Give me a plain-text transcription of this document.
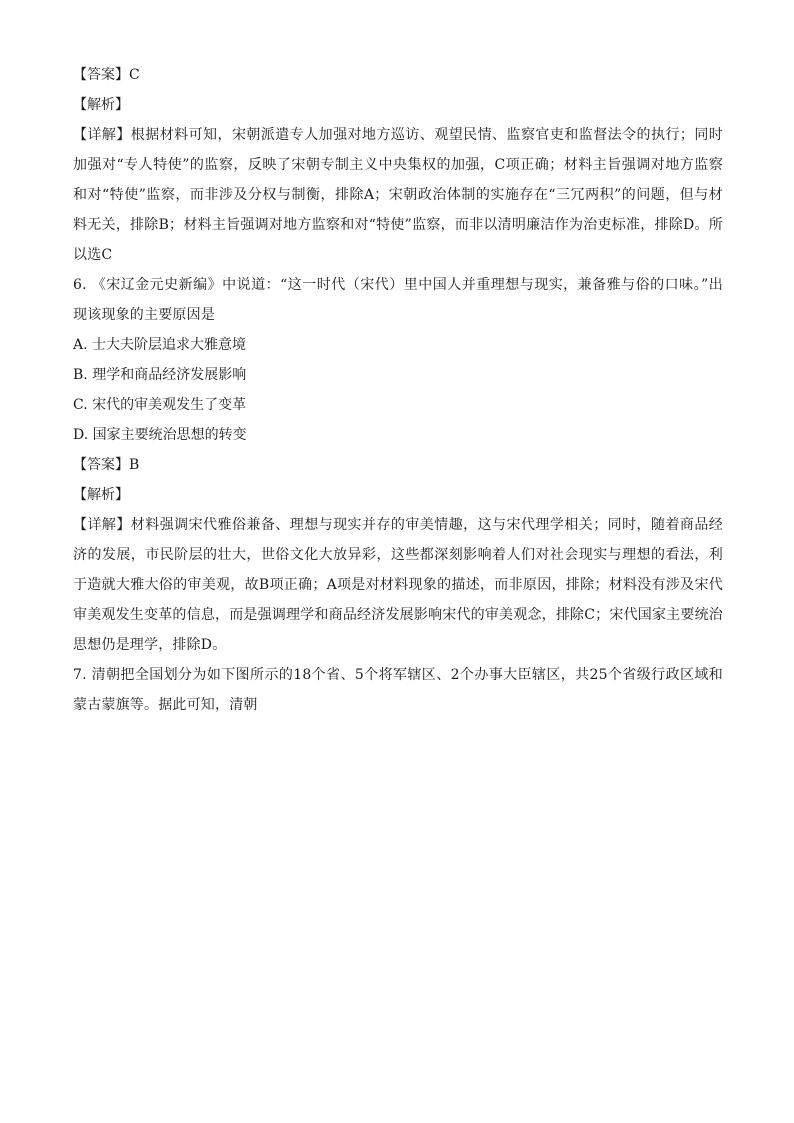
【答案】C
【解析】
【详解】根据材料可知，宋朝派遣专人加强对地方巡访、观望民情、监察官吏和监督法令的执行；同时加强对“专人特使”的监察，反映了宋朝专制主义中央集权的加强，C项正确；材料主旨强调对地方监察和对“特使”监察，而非涉及分权与制衡，排除A；宋朝政治体制的实施存在“三冗两积”的问题，但与材料无关，排除B；材料主旨强调对地方监察和对“特使”监察，而非以清明廉洁作为治吏标准，排除D。所以选C
6. 《宋辽金元史新编》中说道：“这一时代（宋代）里中国人并重理想与现实，兼备雅与俗的口味。”出现该现象的主要原因是
A. 士大夫阶层追求大雅意境
B. 理学和商品经济发展影响
C. 宋代的审美观发生了变革
D. 国家主要统治思想的转变
【答案】B
【解析】
【详解】材料强调宋代雅俗兼备、理想与现实并存的审美情趣，这与宋代理学相关；同时，随着商品经济的发展，市民阶层的壮大，世俗文化大放异彩，这些都深刻影响着人们对社会现实与理想的看法，利于造就大雅大俗的审美观，故B项正确；A项是对材料现象的描述，而非原因，排除；材料没有涉及宋代审美观发生变革的信息，而是强调理学和商品经济发展影响宋代的审美观念，排除C；宋代国家主要统治思想仍是理学，排除D。
7. 清朝把全国划分为如下图所示的18个省、5个将军辖区、2个办事大臣辖区，共25个省级行政区域和蒙古蒙旗等。据此可知，清朝
